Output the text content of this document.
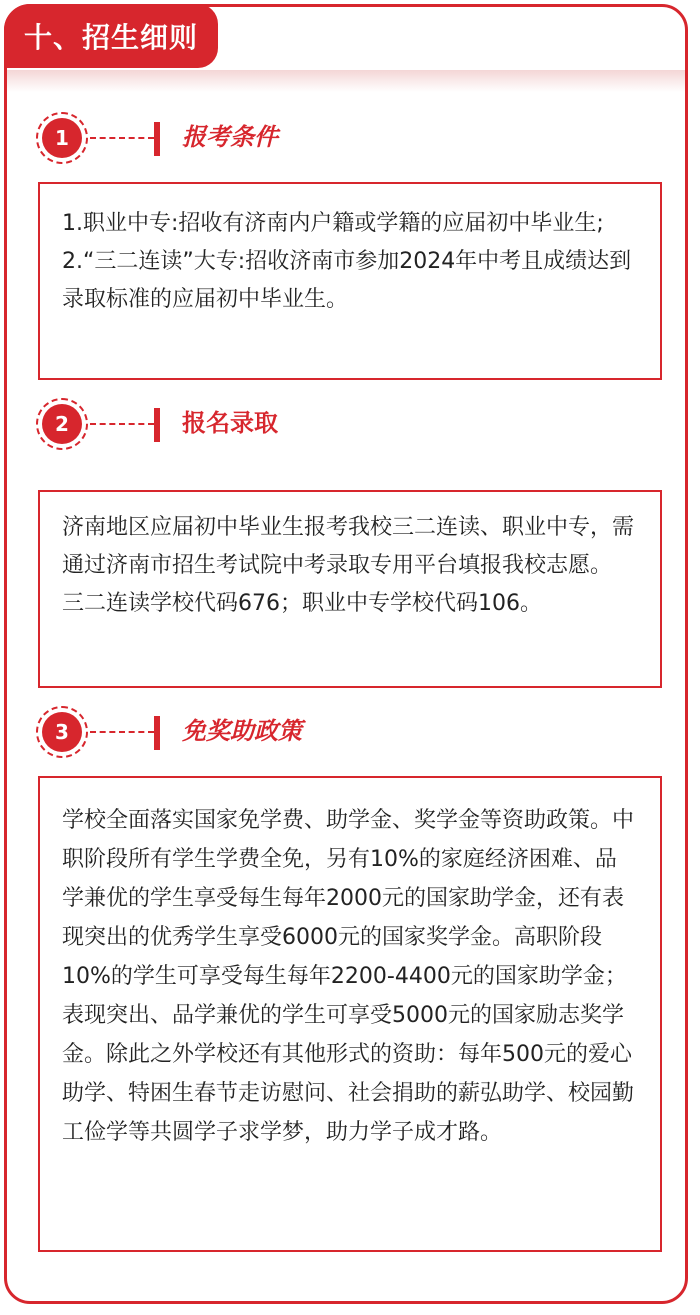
十、招生细则
1	报考条件

1.职业中专:招收有济南内户籍或学籍的应届初中毕业生;

2.“三二连读”大专:招收济南市参加2024年中考且成绩达到录取标准的应届初中毕业生。

2	报名录取

济南地区应届初中毕业生报考我校三二连读、职业中专，需通过济南市招生考试院中考录取专用平台填报我校志愿。

三二连读学校代码676；职业中专学校代码106。

3	免奖助政策

学校全面落实国家免学费、助学金、奖学金等资助政策。中职阶段所有学生学费全免，另有10%的家庭经济困难、品学兼优的学生享受每生每年2000元的国家助学金，还有表现突出的优秀学生享受6000元的国家奖学金。高职阶段10%的学生可享受每生每年2200-4400元的国家助学金；表现突出、品学兼优的学生可享受5000元的国家励志奖学金。除此之外学校还有其他形式的资助：每年500元的爱心助学、特困生春节走访慰问、社会捐助的薪弘助学、校园勤工俭学等共圆学子求学梦，助力学子成才路。
